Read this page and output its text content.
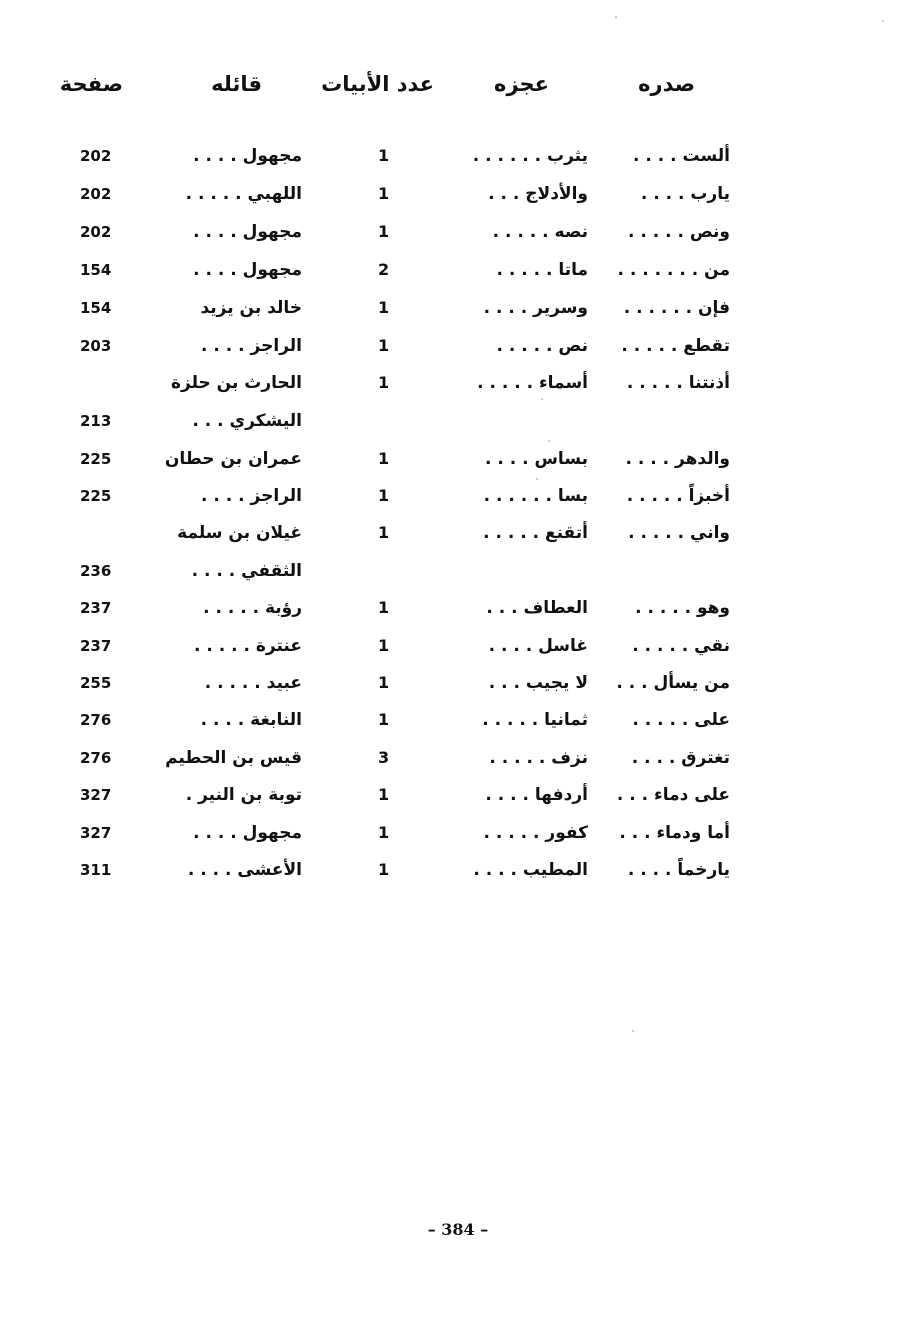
صدره
عجزه
عدد الأبيات
قائله
صفحة
ألست . . . .
يثرب . . . . . .
1
مجهول . . . .
202
يارب . . . .
والأدلاج . . .
1
اللهبي . . . . .
202
ونص . . . . .
نصه . . . . .
1
مجهول . . . .
202
من . . . . . . .
ماتا . . . . .
2
مجهول . . . .
154
فإن . . . . . .
وسرير . . . .
1
خالد بن يزيد
154
تقطع . . . . .
نص . . . . .
1
الراجز . . . .
203
أذنتنا . . . . .
أسماء . . . . .
1
الحارث بن حلزة
اليشكري . . .
213
والدهر . . . .
بساس . . . .
1
عمران بن حطان
225
أخبزاً . . . . .
بسا . . . . . .
1
الراجز . . . .
225
واني . . . . .
أتقنع . . . . .
1
غيلان بن سلمة
الثقفي . . . .
236
وهو . . . . .
العطاف . . .
1
رؤبة . . . . .
237
نقي . . . . .
غاسل . . . .
1
عنترة . . . . .
237
من يسأل . . .
لا يجيب . . .
1
عبيد . . . . .
255
على . . . . .
ثمانيا . . . . .
1
النابغة . . . .
276
تغترق . . . .
نزف . . . . .
3
قيس بن الحطيم
276
على دماء . . .
أردفها . . . .
1
توبة بن النير .
327
أما ودماء . . .
كفور . . . . .
1
مجهول . . . .
327
يارخماً . . . .
المطيب . . . .
1
الأعشى . . . .
311
– 384 –
